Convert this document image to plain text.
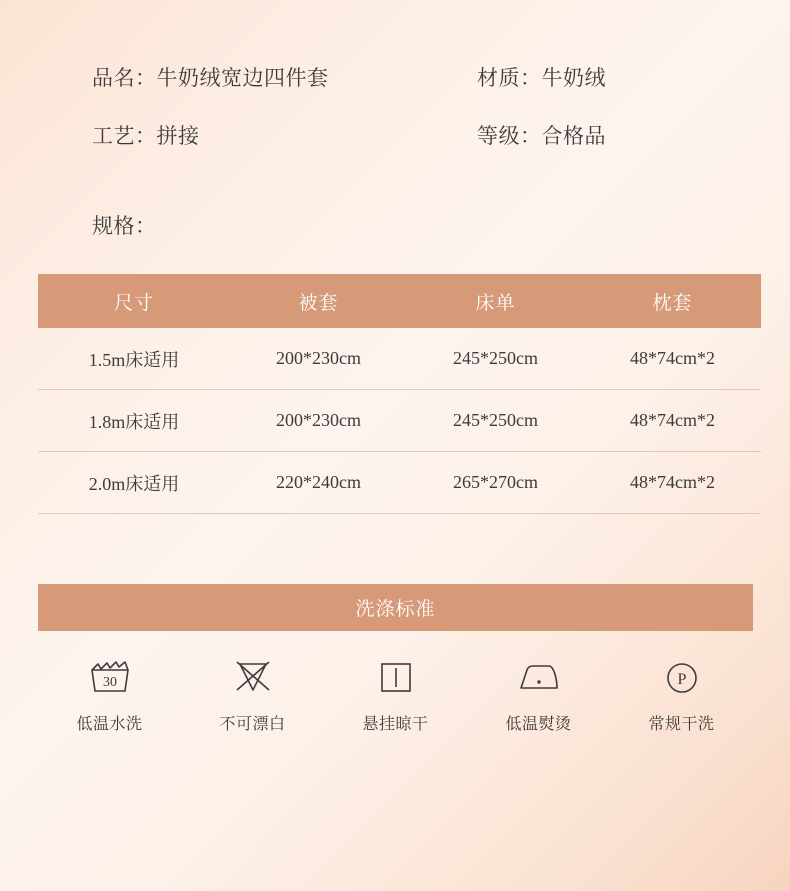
品名：牛奶绒宽边四件套	材质：牛奶绒
工艺：拼接	等级：合格品
规格：
尺寸	被套	床单	枕套
1.5m床适用	200*230cm	245*250cm	48*74cm*2
1.8m床适用	200*230cm	245*250cm	48*74cm*2
2.0m床适用	220*240cm	265*270cm	48*74cm*2
洗涤标准
30
低温水洗	不可漂白	悬挂晾干	低温熨烫
P
常规干洗
